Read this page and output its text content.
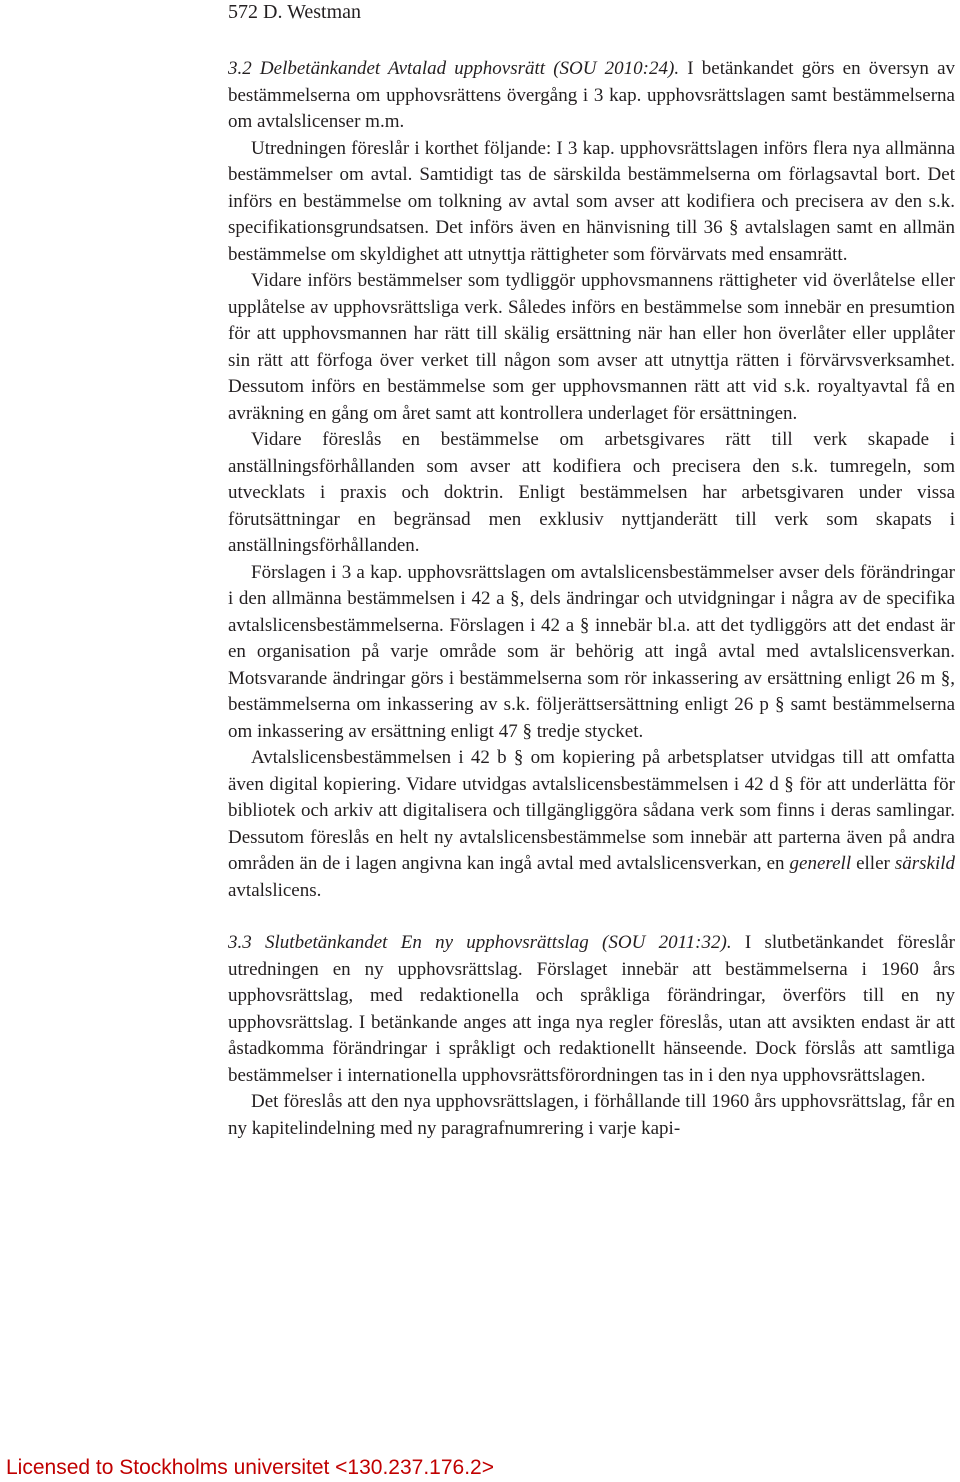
572 D. Westman

3.2 Delbetänkandet Avtalad upphovsrätt (SOU 2010:24). I betänkandet görs en översyn av bestämmelserna om upphovsrättens övergång i 3 kap. upphovsrättslagen samt bestämmelserna om avtalslicenser m.m.

Utredningen föreslår i korthet följande: I 3 kap. upphovsrättslagen införs flera nya allmänna bestämmelser om avtal. Samtidigt tas de särskilda bestämmelserna om förlagsavtal bort. Det införs en bestämmelse om tolkning av avtal som avser att kodifiera och precisera av den s.k. specifikationsgrundsatsen. Det införs även en hänvisning till 36 § avtalslagen samt en allmän bestämmelse om skyldighet att utnyttja rättigheter som förvärvats med ensamrätt.

Vidare införs bestämmelser som tydliggör upphovsmannens rättigheter vid överlåtelse eller upplåtelse av upphovsrättsliga verk. Således införs en bestämmelse som innebär en presumtion för att upphovsmannen har rätt till skälig ersättning när han eller hon överlåter eller upplåter sin rätt att förfoga över verket till någon som avser att utnyttja rätten i förvärvsverksamhet. Dessutom införs en bestämmelse som ger upphovsmannen rätt att vid s.k. royaltyavtal få en avräkning en gång om året samt att kontrollera underlaget för ersättningen.

Vidare föreslås en bestämmelse om arbetsgivares rätt till verk skapade i anställningsförhållanden som avser att kodifiera och precisera den s.k. tumregeln, som utvecklats i praxis och doktrin. Enligt bestämmelsen har arbetsgivaren under vissa förutsättningar en begränsad men exklusiv nyttjanderätt till verk som skapats i anställningsförhållanden.

Förslagen i 3 a kap. upphovsrättslagen om avtalslicensbestämmelser avser dels förändringar i den allmänna bestämmelsen i 42 a §, dels ändringar och utvidgningar i några av de specifika avtalslicensbestämmelserna. Förslagen i 42 a § innebär bl.a. att det tydliggörs att det endast är en organisation på varje område som är behörig att ingå avtal med avtalslicensverkan. Motsvarande ändringar görs i bestämmelserna som rör inkassering av ersättning enligt 26 m §, bestämmelserna om inkassering av s.k. följerättsersättning enligt 26 p § samt bestämmelserna om inkassering av ersättning enligt 47 § tredje stycket.

Avtalslicensbestämmelsen i 42 b § om kopiering på arbetsplatser utvidgas till att omfatta även digital kopiering. Vidare utvidgas avtalslicensbestämmelsen i 42 d § för att underlätta för bibliotek och arkiv att digitalisera och tillgängliggöra sådana verk som finns i deras samlingar. Dessutom föreslås en helt ny avtalslicensbestämmelse som innebär att parterna även på andra områden än de i lagen angivna kan ingå avtal med avtalslicensverkan, en generell eller särskild avtalslicens.

3.3 Slutbetänkandet En ny upphovsrättslag (SOU 2011:32). I slutbetänkandet föreslår utredningen en ny upphovsrättslag. Förslaget innebär att bestämmelserna i 1960 års upphovsrättslag, med redaktionella och språkliga förändringar, överförs till en ny upphovsrättslag. I betänkande anges att inga nya regler föreslås, utan att avsikten endast är att åstadkomma förändringar i språkligt och redaktionellt hänseende. Dock förslås att samtliga bestämmelser i internationella upphovsrättsförordningen tas in i den nya upphovsrättslagen.

Det föreslås att den nya upphovsrättslagen, i förhållande till 1960 års upphovsrättslag, får en ny kapitelindelning med ny paragrafnumrering i varje kapi-

Licensed to Stockholms universitet <130.237.176.2>
